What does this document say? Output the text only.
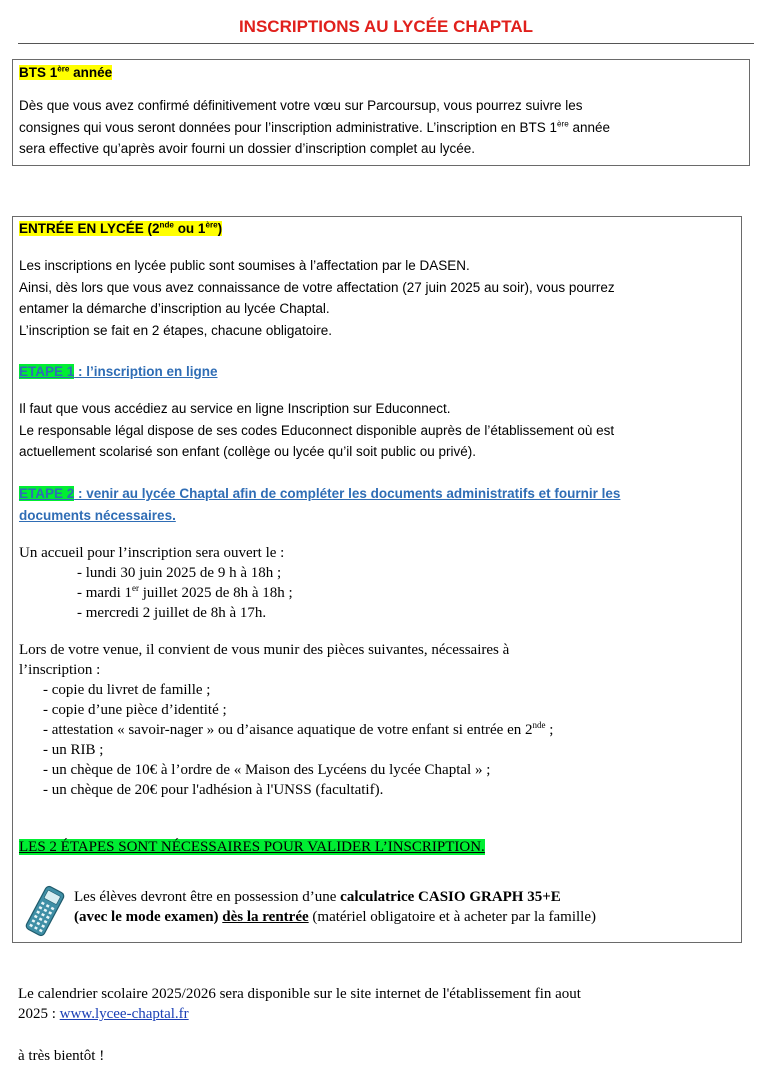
INSCRIPTIONS AU LYCÉE CHAPTAL
BTS 1ère année
Dès que vous avez confirmé définitivement votre vœu sur Parcoursup, vous pourrez suivre les
consignes qui vous seront données pour l’inscription administrative. L’inscription en BTS 1ère année
sera effective qu’après avoir fourni un dossier d’inscription complet au lycée.
ENTRÉE EN LYCÉE (2nde ou 1ère)
Les inscriptions en lycée public sont soumises à l’affectation par le DASEN.
Ainsi, dès lors que vous avez connaissance de votre affectation (27 juin 2025 au soir), vous pourrez
entamer la démarche d’inscription au lycée Chaptal.
L’inscription se fait en 2 étapes, chacune obligatoire.
ETAPE 1 : l’inscription en ligne
Il faut que vous accédiez au service en ligne Inscription sur Educonnect.
Le responsable légal dispose de ses codes Educonnect disponible auprès de l’établissement où est
actuellement scolarisé son enfant (collège ou lycée qu’il soit public ou privé).
ETAPE 2 : venir au lycée Chaptal afin de compléter les documents administratifs et fournir les
documents nécessaires.
Un accueil pour l’inscription sera ouvert le :
- lundi 30 juin 2025 de 9 h à 18h ;
- mardi 1er juillet 2025 de 8h à 18h ;
- mercredi 2 juillet de 8h à 17h.
Lors de votre venue, il convient de vous munir des pièces suivantes, nécessaires à
l’inscription :
- copie du livret de famille ;
- copie d’une pièce d’identité ;
- attestation « savoir-nager » ou d’aisance aquatique de votre enfant si entrée en 2nde ;
- un RIB ;
- un chèque de 10€ à l’ordre de « Maison des Lycéens du lycée Chaptal » ;
- un chèque de 20€ pour l'adhésion à l'UNSS (facultatif).
LES 2 ÉTAPES SONT NÉCESSAIRES POUR VALIDER L’INSCRIPTION.
Les élèves devront être en possession d’une calculatrice CASIO GRAPH 35+E
(avec le mode examen) dès la rentrée (matériel obligatoire et à acheter par la famille)
Le calendrier scolaire 2025/2026 sera disponible sur le site internet de l'établissement fin aout
2025 : www.lycee-chaptal.fr
à très bientôt !
